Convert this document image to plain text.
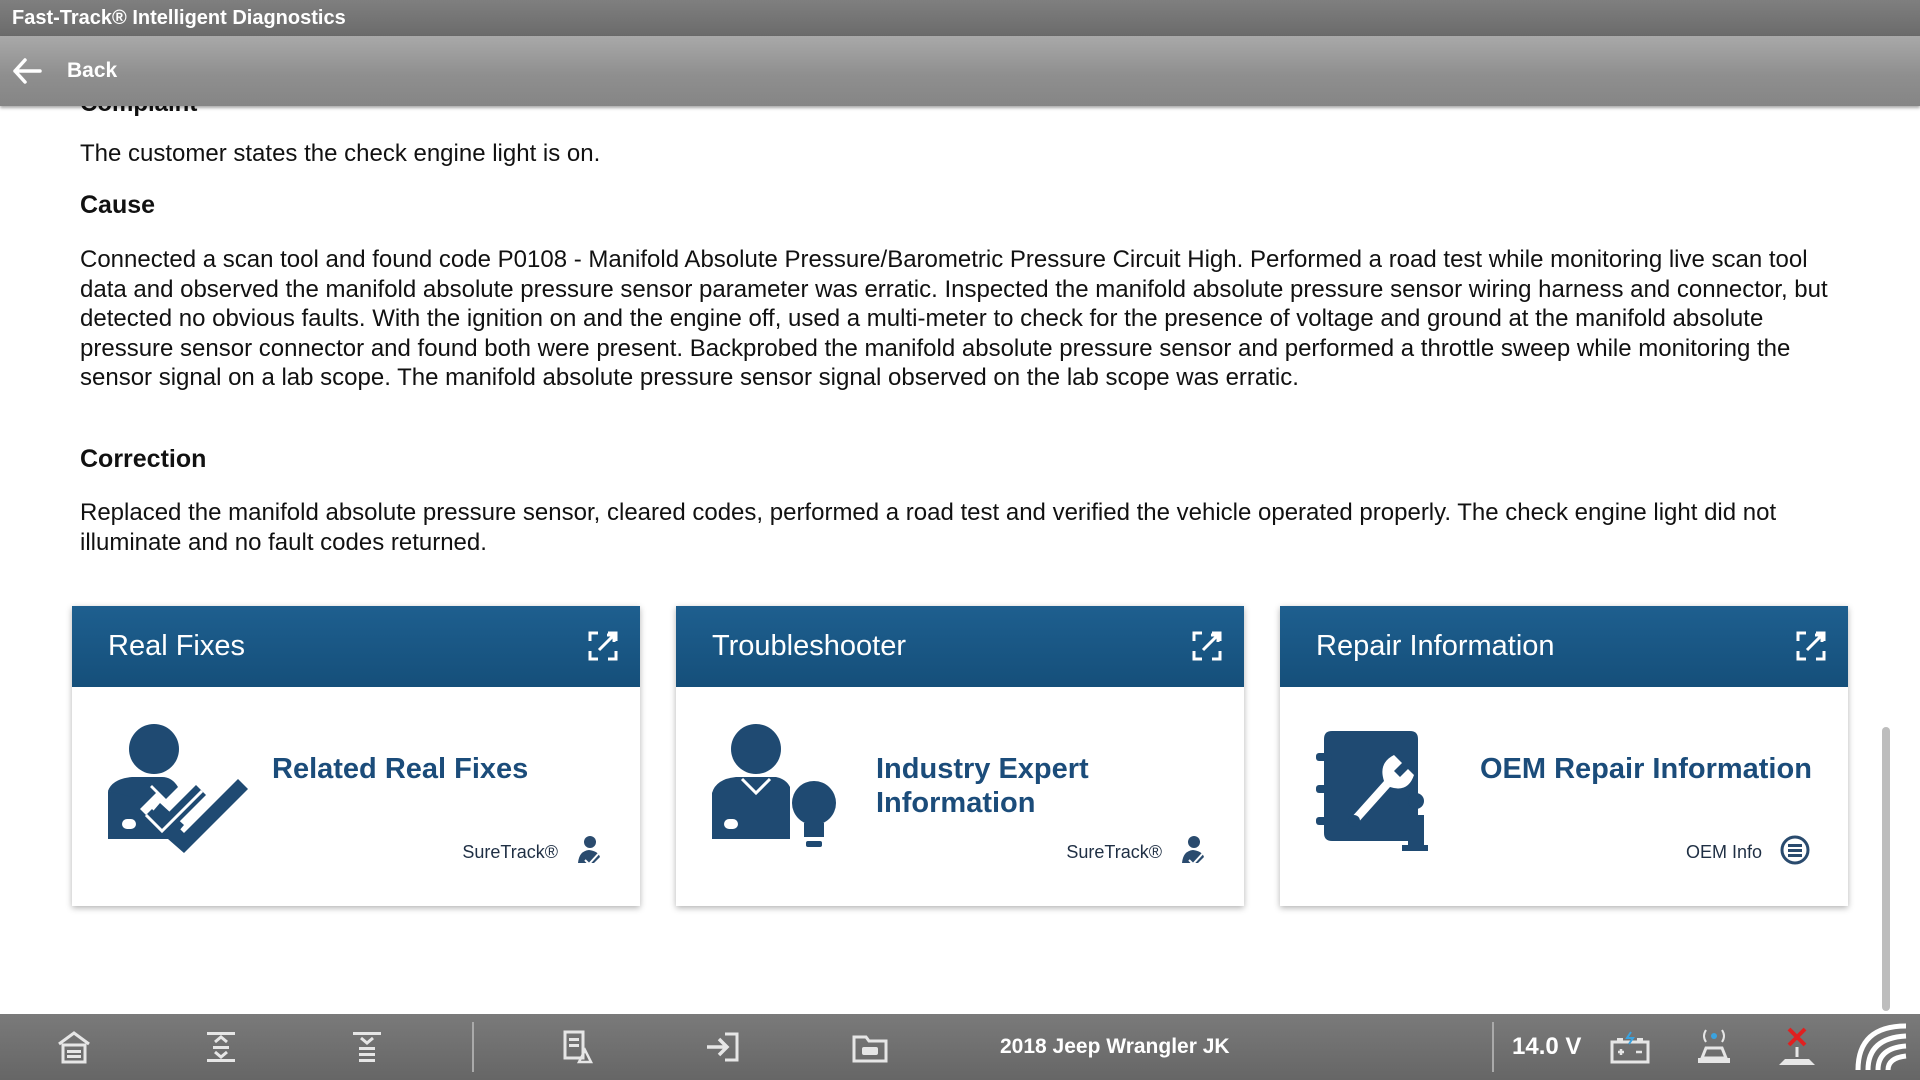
Fast-Track® Intelligent Diagnostics
Back

The customer states the check engine light is on.

Cause

Connected a scan tool and found code P0108 - Manifold Absolute Pressure/Barometric Pressure Circuit High. Performed a road test while monitoring live scan tool data and observed the manifold absolute pressure sensor parameter was erratic. Inspected the manifold absolute pressure sensor wiring harness and connector, but detected no obvious faults. With the ignition on and the engine off, used a multi-meter to check for the presence of voltage and ground at the manifold absolute pressure sensor connector and found both were present. Backprobed the manifold absolute pressure sensor and performed a throttle sweep while monitoring the sensor signal on a lab scope. The manifold absolute pressure sensor signal observed on the lab scope was erratic.

Correction

Replaced the manifold absolute pressure sensor, cleared codes, performed a road test and verified the vehicle operated properly. The check engine light did not illuminate and no fault codes returned.

Real Fixes
Related Real Fixes
SureTrack®
Troubleshooter
Industry Expert Information
SureTrack®
Repair Information
OEM Repair Information
OEM Info
2018 Jeep Wrangler JK	14.0 V
